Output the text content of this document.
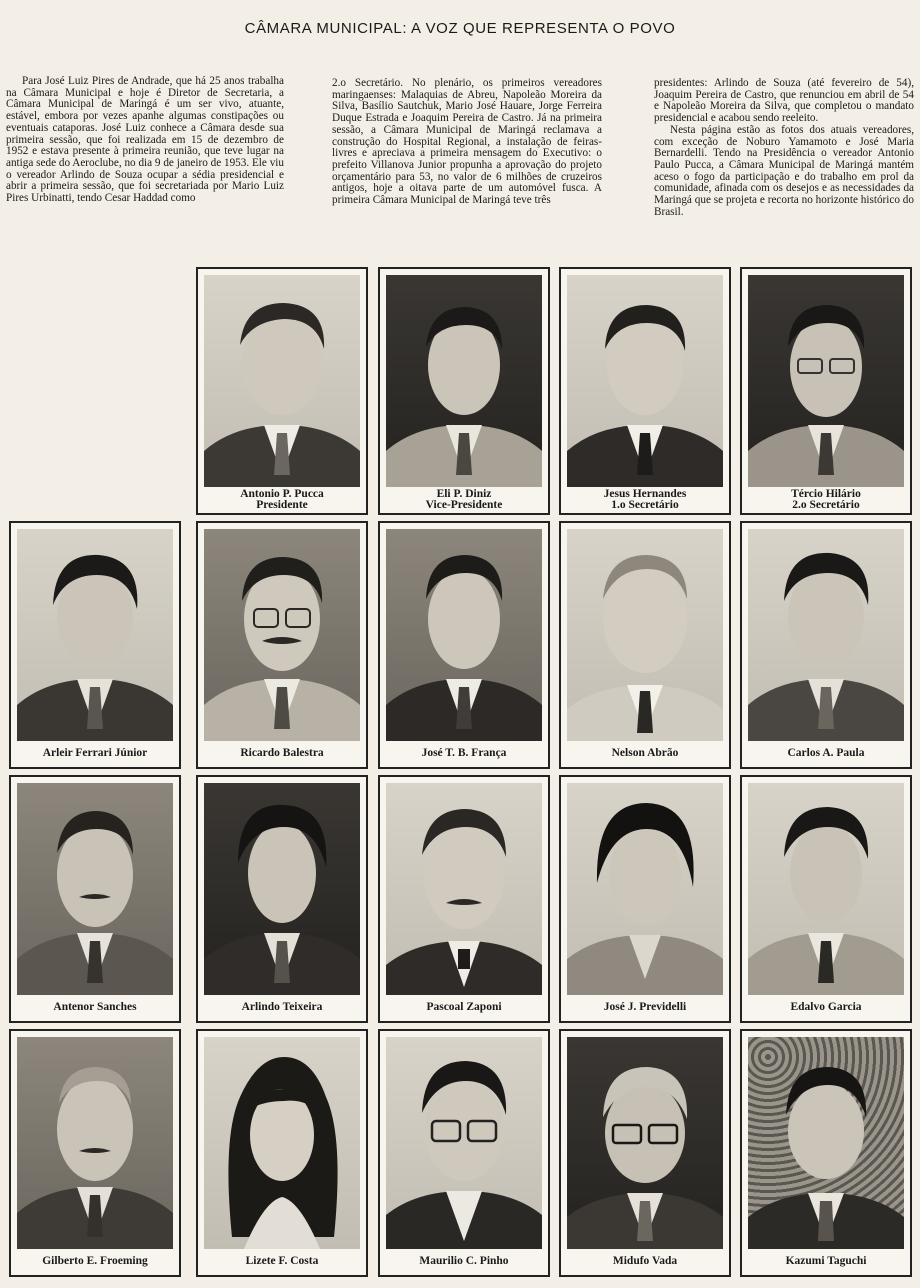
CÂMARA MUNICIPAL: A VOZ QUE REPRESENTA O POVO

Para José Luiz Pires de Andrade, que há 25 anos trabalha na Câmara Municipal e hoje é Diretor de Secretaria, a Câmara Municipal de Maringá é um ser vivo, atuante, estável, embora por vezes apanhe algumas constipações ou eventuais cataporas. José Luiz conhece a Câmara desde sua primeira sessão, que foi realizada em 15 de dezembro de 1952 e estava presente à primeira reunião, que teve lugar na antiga sede do Aeroclube, no dia 9 de janeiro de 1953. Ele viu o vereador Arlindo de Souza ocupar a sédia presidencial e abrir a primeira sessão, que foi secretariada por Mario Luiz Pires Urbinatti, tendo Cesar Haddad como

2.o Secretário. No plenário, os primeiros vereadores maringaenses: Malaquias de Abreu, Napoleão Moreira da Silva, Basílio Sautchuk, Mario José Hauare, Jorge Ferreira Duque Estrada e Joaquim Pereira de Castro. Já na primeira sessão, a Câmara Municipal de Maringá reclamava a construção do Hospital Regional, a instalação de feiras-livres e apreciava a primeira mensagem do Executivo: o prefeito Villanova Junior propunha a aprovação do projeto orçamentário para 53, no valor de 6 milhões de cruzeiros antigos, hoje a oitava parte de um automóvel fusca. A primeira Câmara Municipal de Maringá teve três

presidentes: Arlindo de Souza (até fevereiro de 54), Joaquim Pereira de Castro, que renunciou em abril de 54 e Napoleão Moreira da Silva, que completou o mandato presidencial e acabou sendo reeleito.

Nesta página estão as fotos dos atuais vereadores, com exceção de Noburo Yamamoto e José Maria Bernardelli. Tendo na Presidência o vereador Antonio Paulo Pucca, a Câmara Municipal de Maringá mantém aceso o fogo da participação e do trabalho em prol da comunidade, afinada com os desejos e as necessidades da Maringá que se projeta e recorta no horizonte histórico do Brasil.

Antonio P. Pucca
Presidente
Eli P. Diniz
Vice-Presidente
Jesus Hernandes
1.o Secretário
Tércio Hilário
2.o Secretário
Arleir Ferrari Júnior	Ricardo Balestra	José T. B. França	Nelson Abrão	Carlos A. Paula
Antenor Sanches	Arlindo Teixeira	Pascoal Zaponi	José J. Previdelli	Edalvo Garcia
Gilberto E. Froeming	Lizete F. Costa	Maurilio C. Pinho	Midufo Vada	Kazumi Taguchi
